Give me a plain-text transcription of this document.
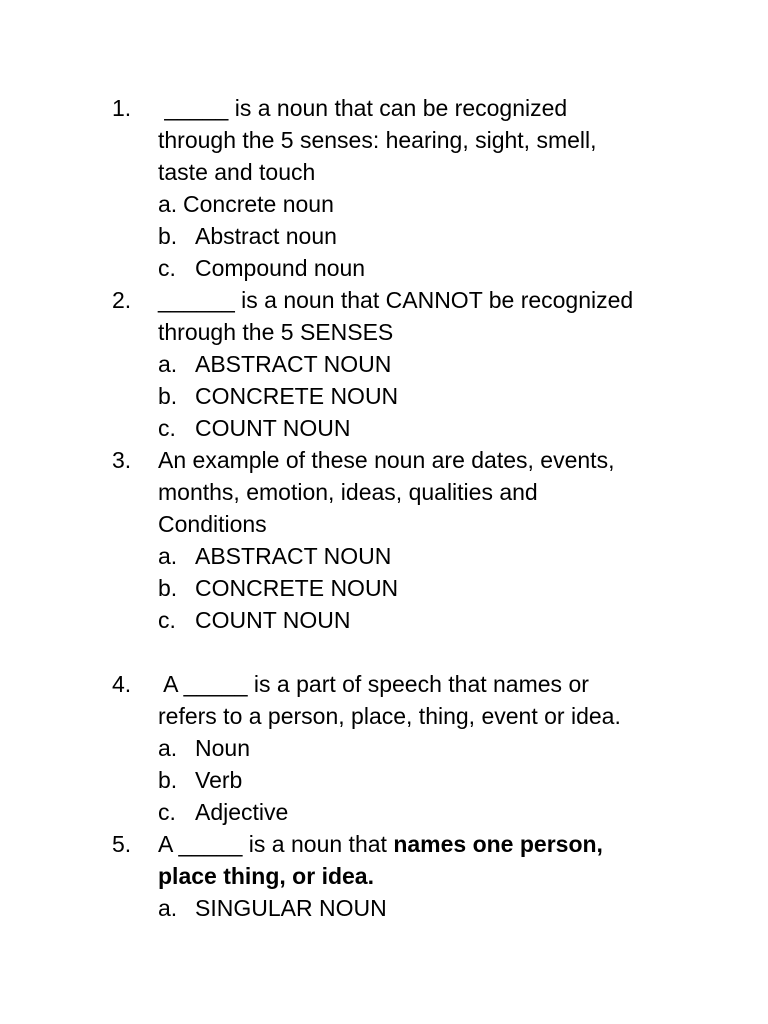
1. _____ is a noun that can be recognized
through the 5 senses: hearing, sight, smell,
taste and touch
a. Concrete noun
b. Abstract noun
c. Compound noun
2. ______ is a noun that CANNOT be recognized
through the 5 SENSES
a. ABSTRACT NOUN
b. CONCRETE NOUN
c. COUNT NOUN
3. An example of these noun are dates, events,
months, emotion, ideas, qualities and
Conditions
a. ABSTRACT NOUN
b. CONCRETE NOUN
c. COUNT NOUN
4. A _____ is a part of speech that names or
refers to a person, place, thing, event or idea.
a. Noun
b. Verb
c. Adjective
5. A _____ is a noun that names one person,
place thing, or idea.
a. SINGULAR NOUN
